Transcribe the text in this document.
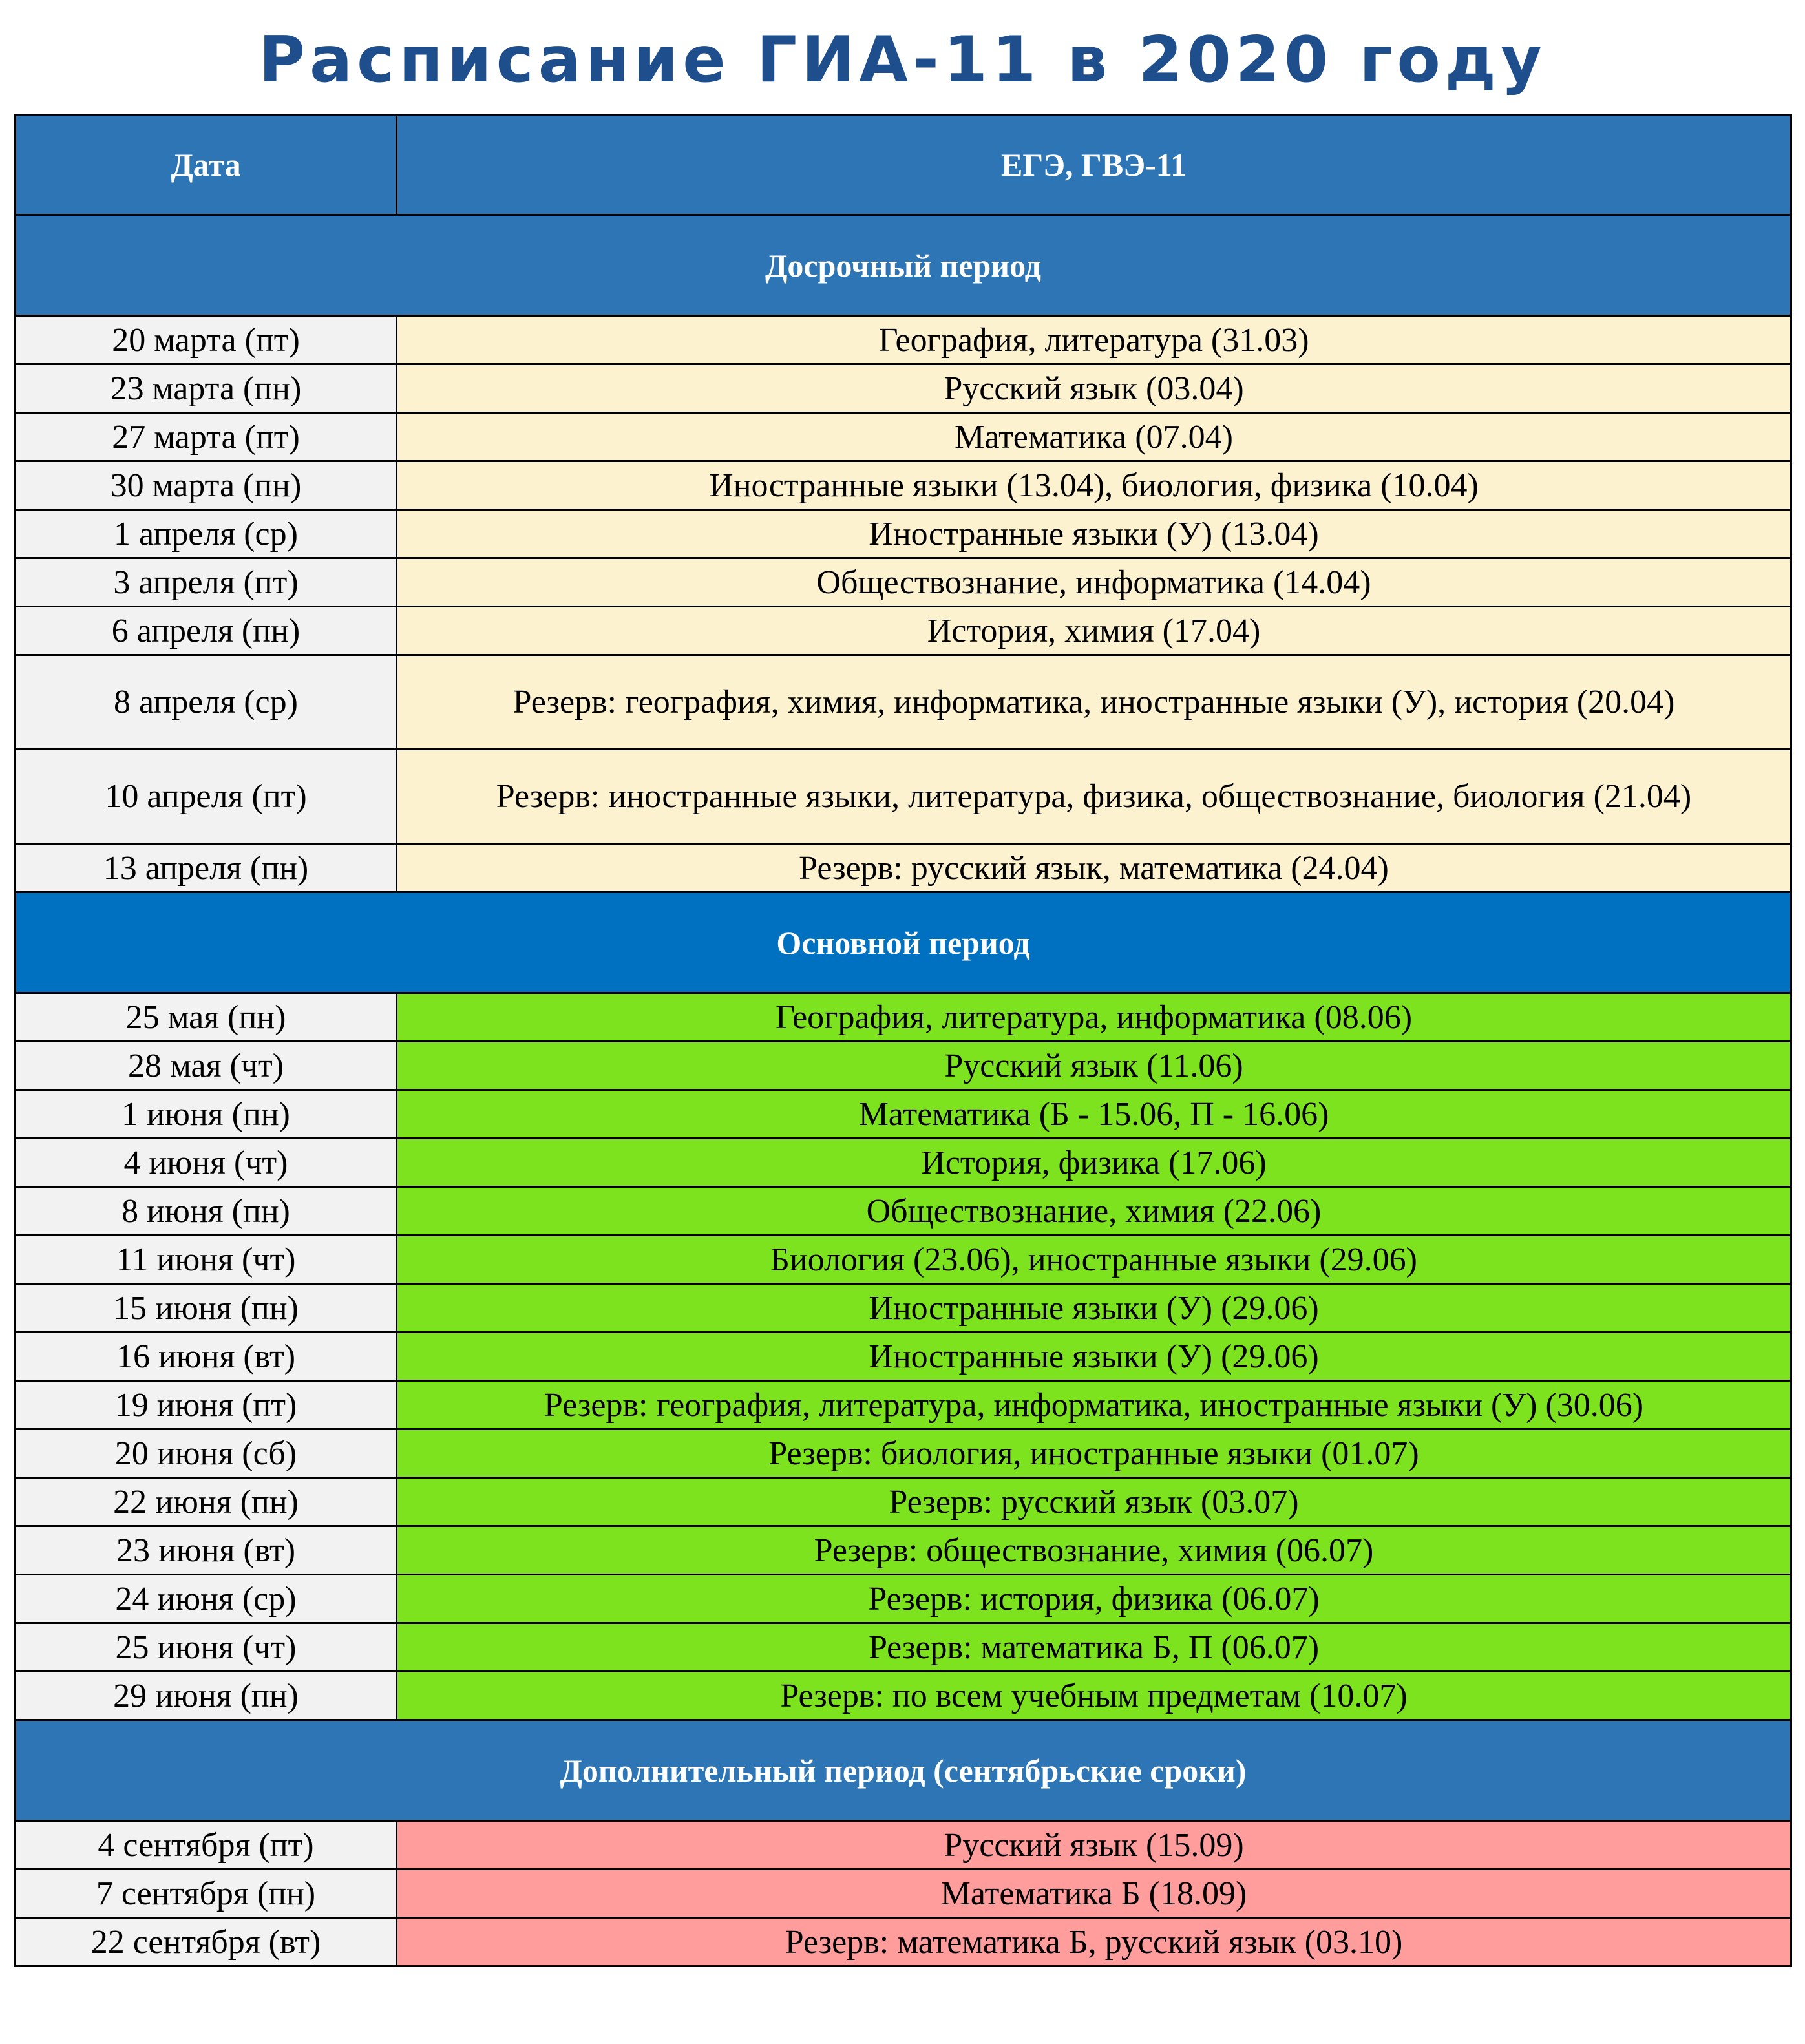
Расписание ГИА-11 в 2020 году
Дата	ЕГЭ, ГВЭ-11
Досрочный период	
20 марта (пт)	География, литература (31.03)
23 марта (пн)	Русский язык (03.04)
27 марта (пт)	Математика (07.04)
30 марта (пн)	Иностранные языки (13.04), биология, физика (10.04)
1 апреля (ср)	Иностранные языки (У) (13.04)
3 апреля (пт)	Обществознание, информатика (14.04)
6 апреля (пн)	История, химия (17.04)
8 апреля (ср)	Резерв: география, химия, информатика, иностранные языки (У), история (20.04)
10 апреля (пт)	Резерв: иностранные языки, литература, физика, обществознание, биология (21.04)
13 апреля (пн)	Резерв: русский язык, математика (24.04)
Основной период	
25 мая (пн)	География, литература, информатика (08.06)
28 мая (чт)	Русский язык (11.06)
1 июня (пн)	Математика (Б - 15.06, П - 16.06)
4 июня (чт)	История, физика (17.06)
8 июня (пн)	Обществознание, химия (22.06)
11 июня (чт)	Биология (23.06), иностранные языки (29.06)
15 июня (пн)	Иностранные языки (У) (29.06)
16 июня (вт)	Иностранные языки (У) (29.06)
19 июня (пт)	Резерв: география, литература, информатика, иностранные языки (У) (30.06)
20 июня (сб)	Резерв: биология, иностранные языки (01.07)
22 июня (пн)	Резерв: русский язык (03.07)
23 июня (вт)	Резерв: обществознание, химия (06.07)
24 июня (ср)	Резерв: история, физика (06.07)
25 июня (чт)	Резерв: математика Б, П (06.07)
29 июня (пн)	Резерв: по всем учебным предметам (10.07)
Дополнительный период (сентябрьские сроки)	
4 сентября (пт)	Русский язык (15.09)
7 сентября (пн)	Математика Б (18.09)
22 сентября (вт)	Резерв: математика Б, русский язык (03.10)
